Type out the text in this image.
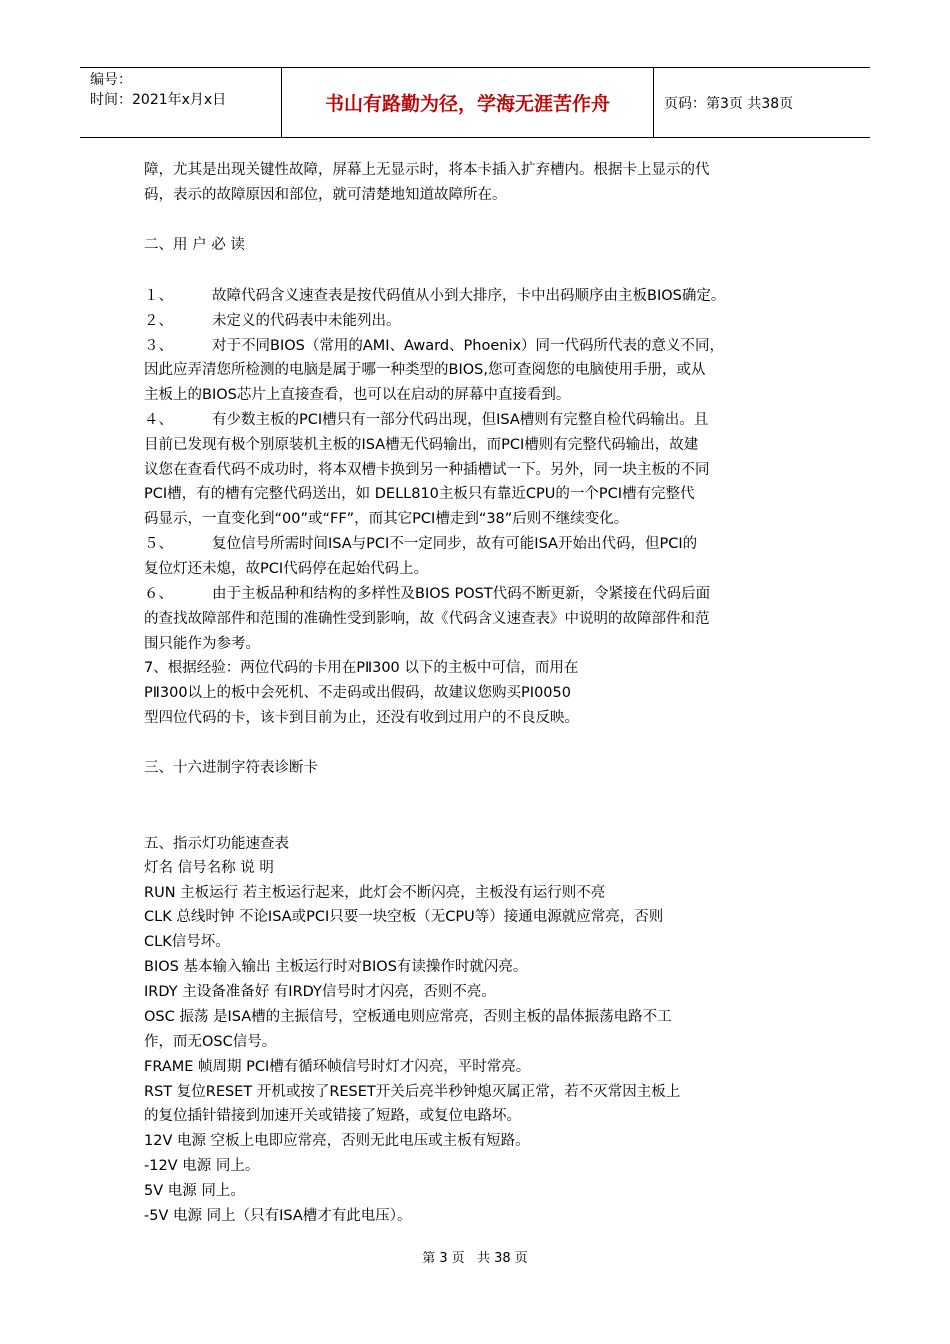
编号：
时间：2021年x月x日	书山有路勤为径，学海无涯苦作舟	页码：第3页 共38页
障，尤其是出现关键性故障，屏幕上无显示时，将本卡插入扩弃槽内。根据卡上显示的代
码，表示的故障原因和部位，就可清楚地知道故障所在。
二、用 户 必 读
１、	故障代码含义速查表是按代码值从小到大排序，卡中出码顺序由主板BIOS确定。
２、	未定义的代码表中未能列出。
３、	对于不同BIOS（常用的AMI、Award、Phoenix）同一代码所代表的意义不同，
因此应弄清您所检测的电脑是属于哪一种类型的BIOS,您可查阅您的电脑使用手册，或从
主板上的BIOS芯片上直接查看，也可以在启动的屏幕中直接看到。
４、	有少数主板的PCI槽只有一部分代码出现，但ISA槽则有完整自检代码输出。且
目前已发现有极个别原装机主板的ISA槽无代码输出，而PCI槽则有完整代码输出，故建
议您在查看代码不成功时，将本双槽卡换到另一种插槽试一下。另外，同一块主板的不同
PCI槽，有的槽有完整代码送出，如 DELL810主板只有靠近CPU的一个PCI槽有完整代
码显示，一直变化到“00”或“FF”，而其它PCI槽走到“38”后则不继续变化。
５、	复位信号所需时间ISA与PCI不一定同步，故有可能ISA开始出代码，但PCI的
复位灯还未熄，故PCI代码停在起始代码上。
６、	由于主板品种和结构的多样性及BIOS POST代码不断更新，令紧接在代码后面
的查找故障部件和范围的准确性受到影响，故《代码含义速查表》中说明的故障部件和范
围只能作为参考。
7、根据经验：两位代码的卡用在PⅡ300 以下的主板中可信，而用在
PⅡ300以上的板中会死机、不走码或出假码，故建议您购买PI0050
型四位代码的卡，该卡到目前为止，还没有收到过用户的不良反映。
三、十六进制字符表诊断卡
五、指示灯功能速查表
灯名 信号名称 说 明
RUN 主板运行 若主板运行起来，此灯会不断闪亮，主板没有运行则不亮
CLK 总线时钟 不论ISA或PCI只要一块空板（无CPU等）接通电源就应常亮，否则
CLK信号坏。
BIOS 基本输入输出 主板运行时对BIOS有读操作时就闪亮。
IRDY 主设备准备好 有IRDY信号时才闪亮，否则不亮。
OSC 振荡 是ISA槽的主振信号，空板通电则应常亮，否则主板的晶体振荡电路不工
作，而无OSC信号。
FRAME 帧周期 PCI槽有循环帧信号时灯才闪亮，平时常亮。
RST 复位RESET 开机或按了RESET开关后亮半秒钟熄灭属正常，若不灭常因主板上
的复位插针错接到加速开关或错接了短路，或复位电路坏。
12V 电源 空板上电即应常亮，否则无此电压或主板有短路。
-12V 电源 同上。
5V 电源 同上。
-5V 电源 同上（只有ISA槽才有此电压）。
第 3 页 共 38 页
